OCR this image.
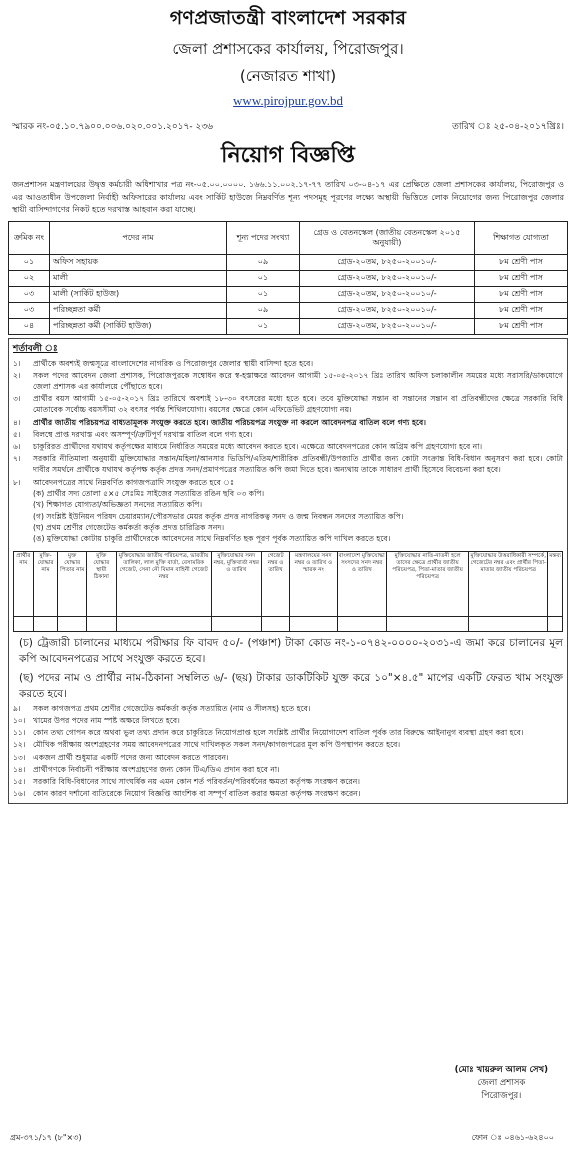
গণপ্রজাতন্ত্রী বাংলাদেশ সরকার
জেলা প্রশাসকের কার্যালয়, পিরোজপুর।
(নেজারত শাখা)
www.pirojpur.gov.bd
স্মারক নং-০৫.১০.৭৯০০.০০৬.০২০.০০১.২০১৭- ২৩৬	তারিখ ঃ ২৫-০৪-২০১৭খ্রিঃ।
নিয়োগ বিজ্ঞপ্তি
জনপ্রশাসন মন্ত্রণালয়ের উদ্বৃত্ত কর্মচারী অধিশাখার পত্র নং-০৫.০০.০০০০. ১৬৬.১১.০০২.১৭-৭৭ তারিখ ০৩-০৪-১৭ এর প্রেক্ষিতে জেলা প্রশাসকের কার্যালয়, পিরোজপুর ও এর আওতাধীন উপজেলা নির্বাহী অফিসারের কার্যালয় এবং সার্কিট হাউজে নিম্নবর্ণিত শূন্য পদসমূহ পূরণের লক্ষ্যে অস্থায়ী ভিত্তিতে লোক নিয়োগের জন্য পিরোজপুর জেলার স্থায়ী বাসিন্দাগণের নিকট হতে দরখাস্ত আহবান করা যাচ্ছে।
ক্রমিক নং	পদের নাম	শূন্য পদের সংখ্যা	গ্রেড ও বেতনস্কেল (জাতীয় বেতনস্কেল ২০১৫ অনুযায়ী)	শিক্ষাগত যোগ্যতা
০১	অফিস সহায়ক	০৯	গ্রেড-২০তম, ৮২৫০-২০০১০/-	৮ম শ্রেণী পাস
০২	মালী	০১	গ্রেড-২০তম, ৮২৫০-২০০১০/-	৮ম শ্রেণী পাস
০৩	মালী (সার্কিট হাউজ)	০১	গ্রেড-২০তম, ৮২৫০-২০০১০/-	৮ম শ্রেণী পাস
০৩	পরিচ্ছন্নতা কর্মী	০৯	গ্রেড-২০তম, ৮২৫০-২০০১০/-	৮ম শ্রেণী পাস
০৪	পরিচ্ছন্নতা কর্মী (সার্কিট হাউজ)	০১	গ্রেড-২০তম, ৮২৫০-২০০১০/-	৮ম শ্রেণী পাস
শর্তাবলী ঃ
১।	প্রার্থীকে অবশ্যই জন্মসূত্রে বাংলাদেশের নাগরিক ও পিরোজপুর জেলার স্থায়ী বাসিন্দা হতে হবে।
২।	সকল পদের আবেদন জেলা প্রশাসক, পিরোজপুরকে সম্বোধন করে স্ব-হস্তাক্ষরে আবেদন আগামী ১৫-০৫-২০১৭ খ্রিঃ তারিখ অফিস চলাকালীন সময়ের মধ্যে সরাসরি/ডাকযোগে জেলা প্রশাসক এর কার্যালয়ে পৌঁছাতে হবে।
৩।	প্রার্থীর বয়স আগামী ১৫-০৫-২০১৭ খ্রিঃ তারিখে অবশ্যই ১৮-৩০ বৎসরের মধ্যে হতে হবে। তবে মুক্তিযোদ্ধা সন্তান বা সন্তানের সন্তান বা প্রতিবন্ধীদের ক্ষেত্রে সরকারি বিধি মোতাবেক সর্বোচ্চ বয়সসীমা ৩২ বৎসর পর্যন্ত শিথিলযোগ্য। বয়সের ক্ষেত্রে কোন এফিডেভিট গ্রহণযোগ্য নয়।
৪।	প্রার্থীর জাতীয় পরিচয়পত্র বাধ্যতামূলক সংযুক্ত করতে হবে। জাতীয় পরিচয়পত্র সংযুক্ত না করলে আবেদনপত্র বাতিল বলে গণ্য হবে।
৫।	বিলম্বে প্রাপ্ত দরখাস্ত এবং অসম্পূর্ণ/ত্রুটিপূর্ণ দরখাস্ত বাতিল বলে গণ্য হবে।
৬।	চাকুরিরত প্রার্থীদের যথাযথ কর্তৃপক্ষের মাধ্যমে নির্ধারিত সময়ের মধ্যে আবেদন করতে হবে। এক্ষেত্রে আবেদনপত্রের কোন অগ্রিম কপি গ্রহণযোগ্য হবে না।
৭।	সরকারি নীতিমালা অনুযায়ী মুক্তিযোদ্ধার সন্তান/মহিলা/আনসার ভিডিপি/এতিম/শারীরিক প্রতিবন্ধী/উপজাতি প্রার্থীর জন্য কোটা সংক্রান্ত বিধি-বিধান অনুসরণ করা হবে। কোটা দাবীর সমর্থনে প্রার্থীকে যথাযথ কর্তৃপক্ষ কর্তৃক প্রদত্ত সনদ/প্রমাণপত্রের সত্যায়িত কপি জমা দিতে হবে। অন্যথায় তাকে সাধারণ প্রার্থী হিসেবে বিবেচনা করা হবে।
৮।	আবেদনপত্রের সাথে নিম্নবর্ণিত কাগজপত্রাদি সংযুক্ত করতে হবে ঃ
(ক) প্রার্থীর সদ্য তোলা ৫×৫ সেঃমিঃ সাইজের সত্যায়িত রঙিন ছবি ০৩ কপি।
(খ) শিক্ষাগত যোগ্যতা/অভিজ্ঞতা সনদের সত্যায়িত কপি।
(গ) সংশ্লিষ্ট ইউনিয়ন পরিষদ চেয়ারম্যান/পৌরসভার মেয়র কর্তৃক প্রদত্ত নাগরিকত্ব সনদ ও জন্ম নিবন্ধন সনদের সত্যায়িত কপি।
(ঘ) প্রথম শ্রেণীর গেজেটেড কর্মকর্তা কর্তৃক প্রদত্ত চারিত্রিক সনদ।
(ঙ) মুক্তিযোদ্ধা কোটায় চাকুরি প্রার্থীদেরকে আবেদনের সাথে নিম্নবর্ণিত ছক পূরণ পূর্বক সত্যায়িত কপি দাখিল করতে হবে।
প্রার্থীর নাম	মুক্তি-যোদ্ধার নাম	মুক্ত যোদ্ধার পিতার নাম	মুক্তি যোদ্ধার স্থায়ী ঠিকানা	মুক্তিযোদ্ধার জাতীয় পরিচয়পত্র, ভারতীয় তালিকা, লাল মুক্তি বার্তা, বেসামরিক গেজেট, সেনা নৌ বিমান বাহিনী গেজেট নম্বর	মুক্তিযোদ্ধার সনদ নম্বর, মুক্তিবার্তা নম্বর ও তারিখ	গেজেট নম্বর ও তারিখ	মন্ত্রণালয়ের সনদ নম্বর ও তারিখ ও স্মারক নং	বাংলাদেশ মুক্তিযোদ্ধা সংসদের সনদ নম্বর ও তারিখ	মুক্তিযোদ্ধার নাতি-নাতনী হলে তাদের ক্ষেত্রে প্রার্থীর জাতীয় পরিচয়পত্র, পিতা-মাতার জাতীয় পরিচয়পত্র	মুক্তিযোদ্ধার উত্তরাধিকারী সম্পর্কে, গেজেটের নম্বর এবং প্রার্থীর পিতা-মাতার জাতীয় পরিচয়পত্র	মন্তব্য

(চ) ট্রেজারী চালানের মাধ্যমে পরীক্ষার ফি বাবদ ৫০/- (পঞ্চাশ) টাকা কোড নং-১-০৭৪২-০০০০-২০৩১-এ জমা করে চালানের মূল কপি আবেদনপত্রের সাথে সংযুক্ত করতে হবে।
(ছ) পদের নাম ও প্রার্থীর নাম-ঠিকানা সম্বলিত ৬/- (ছয়) টাকার ডাকটিকিট যুক্ত করে ১০"×৪.৫" মাপের একটি ফেরত খাম সংযুক্ত করতে হবে।
৯।	সকল কাগজপত্র প্রথম শ্রেণীর গেজেটেড কর্মকর্তা কর্তৃক সত্যায়িত (নাম ও সীলসহ) হতে হবে।
১০। খামের উপর পদের নাম স্পষ্ট অক্ষরে লিখতে হবে।
১১। কোন তথ্য গোপন করে অথবা ভুল তথ্য প্রদান করে চাকুরিতে নিয়োগপ্রাপ্ত হলে সংশ্লিষ্ট প্রার্থীর নিয়োগাদেশ বাতিল পূর্বক তার বিরুদ্ধে আইনানুগ ব্যবস্থা গ্রহণ করা হবে।
১২। মৌখিক পরীক্ষায় অংশগ্রহণের সময় আবেদনপত্রের সাথে দাখিলকৃত সকল সনদ/কাগজপত্রের মূল কপি উপস্থাপন করতে হবে।
১৩। একজন প্রার্থী শুধুমাত্র একটি পদের জন্য আবেদন করতে পারবেন।
১৪। প্রার্থীগণকে নির্বাচনী পরীক্ষায় অংশগ্রহণের জন্য কোন টিএ/ডিএ প্রদান করা হবে না।
১৫। সরকারি বিধি-বিধানের সাথে সাংঘর্ষিক নয় এমন কোন শর্ত পরিবর্তন/পরিবর্ধনের ক্ষমতা কর্তৃপক্ষ সংরক্ষণ করেন।
১৬। কোন কারণ দর্শানো ব্যতিরেকে নিয়োগ বিজ্ঞপ্তি আংশিক বা সম্পূর্ণ বাতিল করার ক্ষমতা কর্তৃপক্ষ সংরক্ষণ করেন।
(মোঃ খায়রুল আলম সেখ)
জেলা প্রশাসক
পিরোজপুর।
ফোন ঃ ০৪৬১-৬২৪০০
গ্রম-৩৭১/১৭ (৮"×৩)
